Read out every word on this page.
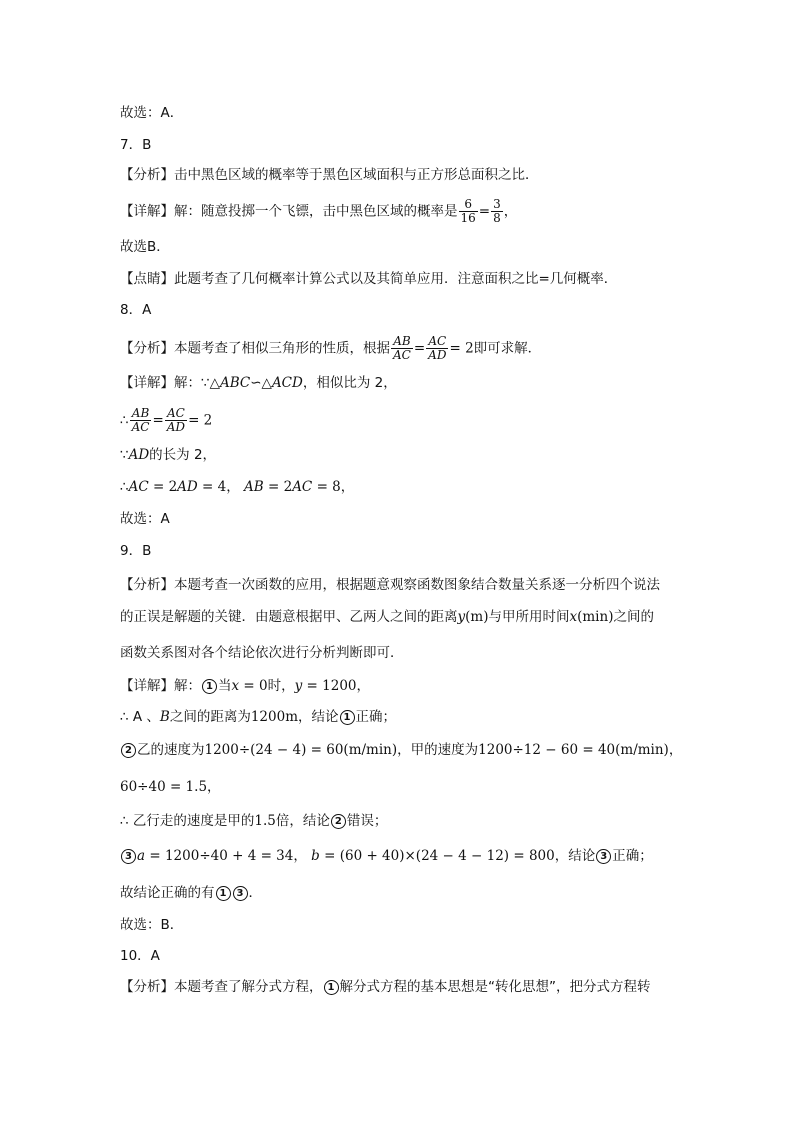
故选：A．
7．B
【分析】击中黑色区域的概率等于黑色区域面积与正方形总面积之比．
【详解】解：随意投掷一个飞镖，击中黑色区域的概率是 $\frac{6}{16} = \frac{3}{8}$ ，
故选B．
【点睛】此题考查了几何概率计算公式以及其简单应用．注意面积之比=几何概率．
8．A
【分析】本题考查了相似三角形的性质，根据 $\frac{AB}{AC} = \frac{AC}{AD} = 2$即可求解．
【详解】解：∵△ABC∽△ACD，相似比为 2，
∴ $\frac{AB}{AC} = \frac{AC}{AD} = 2$
∵AD的长为 2，
∴AC = 2AD = 4， AB = 2AC = 8，
故选：A
9．B
【分析】本题考查一次函数的应用，根据题意观察函数图象结合数量关系逐一分析四个说法
的正误是解题的关键．由题意根据甲、乙两人之间的距离y(m)与甲所用时间x(min)之间的
函数关系图对各个结论依次进行分析判断即可．
【详解】解： 1 当x = 0时，y = 1200，
∴ A 、B之间的距离为1200m，结论 1 正确；
2 乙的速度为1200÷(24 − 4) = 60(m/min)，甲的速度为1200÷12 − 60 = 40(m/min)，
60÷40 = 1.5，
∴ 乙行走的速度是甲的1.5倍，结论 2 错误；
3 a = 1200÷40 + 4 = 34， b = (60 + 40)×(24 − 4 − 12) = 800，结论 3 正确；
故结论正确的有 1 3 ．
故选：B．
10．A
【分析】本题考查了解分式方程， 1 解分式方程的基本思想是“转化思想”，把分式方程转
